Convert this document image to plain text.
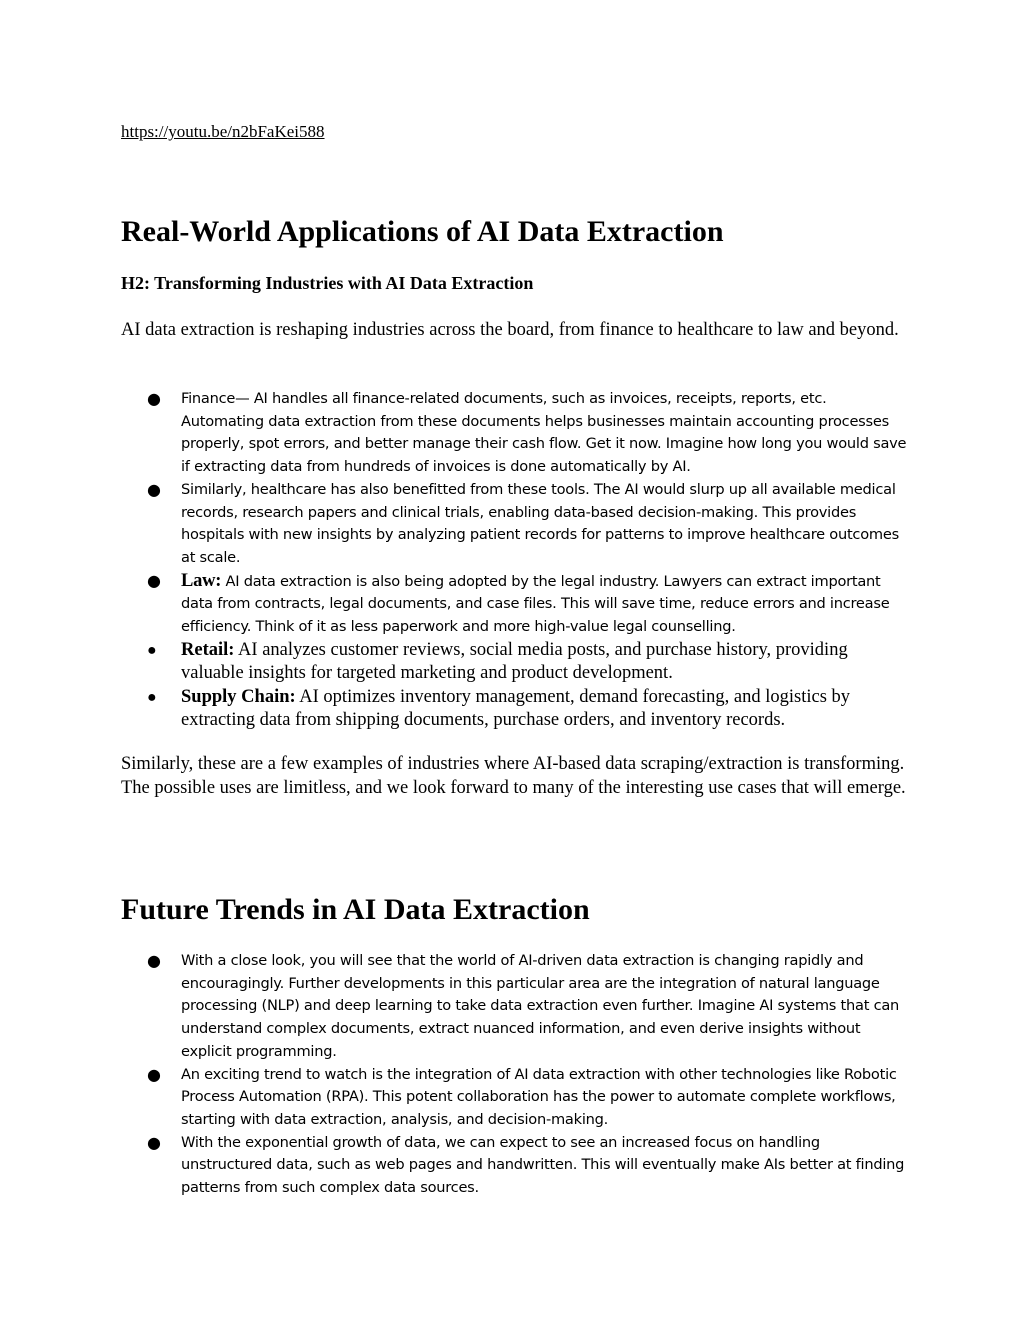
https://youtu.be/n2bFaKei588
Real-World Applications of AI Data Extraction
H2: Transforming Industries with AI Data Extraction

AI data extraction is reshaping industries across the board, from finance to healthcare to law and beyond.

● Finance— AI handles all finance-related documents, such as invoices, receipts, reports, etc. Automating data extraction from these documents helps businesses maintain accounting processes properly, spot errors, and better manage their cash flow. Get it now. Imagine how long you would save if extracting data from hundreds of invoices is done automatically by AI.
● Similarly, healthcare has also benefitted from these tools. The AI would slurp up all available medical records, research papers and clinical trials, enabling data-based decision-making. This provides hospitals with new insights by analyzing patient records for patterns to improve healthcare outcomes at scale.
● Law: AI data extraction is also being adopted by the legal industry. Lawyers can extract important data from contracts, legal documents, and case files. This will save time, reduce errors and increase efficiency. Think of it as less paperwork and more high-value legal counselling.
● Retail: AI analyzes customer reviews, social media posts, and purchase history, providing valuable insights for targeted marketing and product development.
● Supply Chain: AI optimizes inventory management, demand forecasting, and logistics by extracting data from shipping documents, purchase orders, and inventory records.

Similarly, these are a few examples of industries where AI-based data scraping/extraction is transforming. The possible uses are limitless, and we look forward to many of the interesting use cases that will emerge.

Future Trends in AI Data Extraction
● With a close look, you will see that the world of AI-driven data extraction is changing rapidly and encouragingly. Further developments in this particular area are the integration of natural language processing (NLP) and deep learning to take data extraction even further. Imagine AI systems that can understand complex documents, extract nuanced information, and even derive insights without explicit programming.
● An exciting trend to watch is the integration of AI data extraction with other technologies like Robotic Process Automation (RPA). This potent collaboration has the power to automate complete workflows, starting with data extraction, analysis, and decision-making.
● With the exponential growth of data, we can expect to see an increased focus on handling unstructured data, such as web pages and handwritten. This will eventually make AIs better at finding patterns from such complex data sources.
